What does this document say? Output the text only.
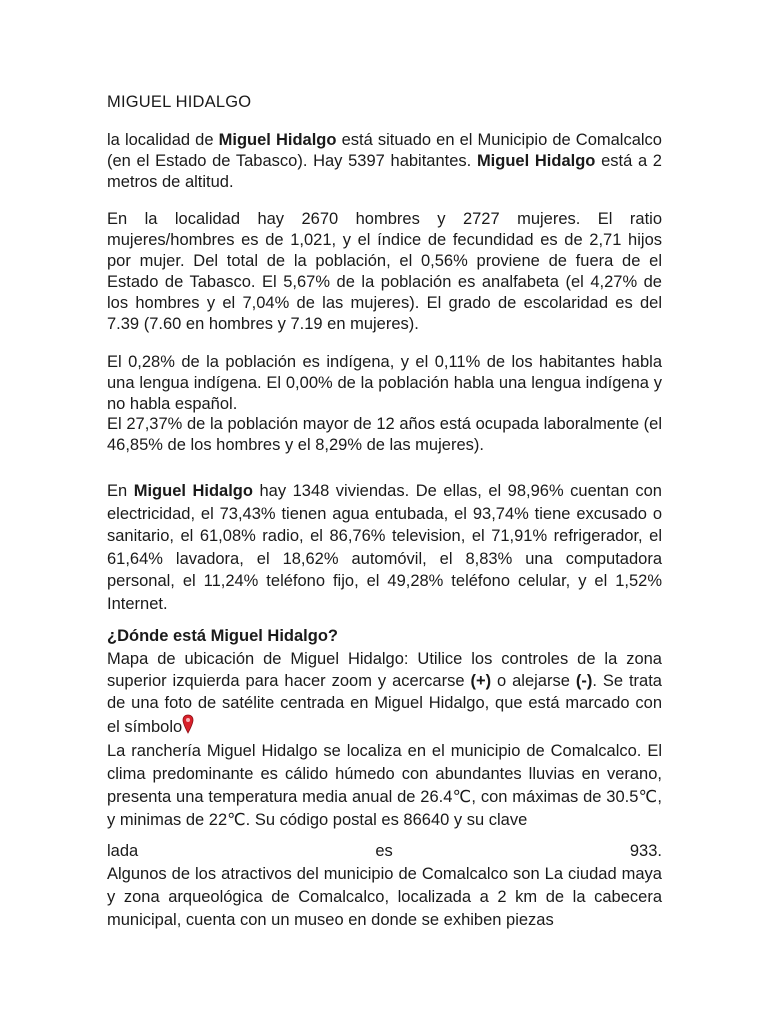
MIGUEL HIDALGO

la localidad de Miguel Hidalgo está situado en el Municipio de Comalcalco (en el Estado de Tabasco). Hay 5397 habitantes. Miguel Hidalgo está a 2 metros de altitud.

En la localidad hay 2670 hombres y 2727 mujeres. El ratio mujeres/hombres es de 1,021, y el índice de fecundidad es de 2,71 hijos por mujer. Del total de la población, el 0,56% proviene de fuera de el Estado de Tabasco. El 5,67% de la población es analfabeta (el 4,27% de los hombres y el 7,04% de las mujeres). El grado de escolaridad es del 7.39 (7.60 en hombres y 7.19 en mujeres).

El 0,28% de la población es indígena, y el 0,11% de los habitantes habla una lengua indígena. El 0,00% de la población habla una lengua indígena y no habla español.

El 27,37% de la población mayor de 12 años está ocupada laboralmente (el 46,85% de los hombres y el 8,29% de las mujeres).

En Miguel Hidalgo hay 1348 viviendas. De ellas, el 98,96% cuentan con electricidad, el 73,43% tienen agua entubada, el 93,74% tiene excusado o sanitario, el 61,08% radio, el 86,76% television, el 71,91% refrigerador, el 61,64% lavadora, el 18,62% automóvil, el 8,83% una computadora personal, el 11,24% teléfono fijo, el 49,28% teléfono celular, y el 1,52% Internet.

¿Dónde está Miguel Hidalgo?

Mapa de ubicación de Miguel Hidalgo: Utilice los controles de la zona superior izquierda para hacer zoom y acercarse (+) o alejarse (-). Se trata de una foto de satélite centrada en Miguel Hidalgo, que está marcado con el símbolo

La ranchería Miguel Hidalgo se localiza en el municipio de Comalcalco. El clima predominante es cálido húmedo con abundantes lluvias en verano, presenta una temperatura media anual de 26.4℃, con máximas de 30.5℃, y minimas de 22℃. Su código postal es 86640 y su clave

lada	es	933.

Algunos de los atractivos del municipio de Comalcalco son La ciudad maya y zona arqueológica de Comalcalco, localizada a 2 km de la cabecera municipal, cuenta con un museo en donde se exhiben piezas
